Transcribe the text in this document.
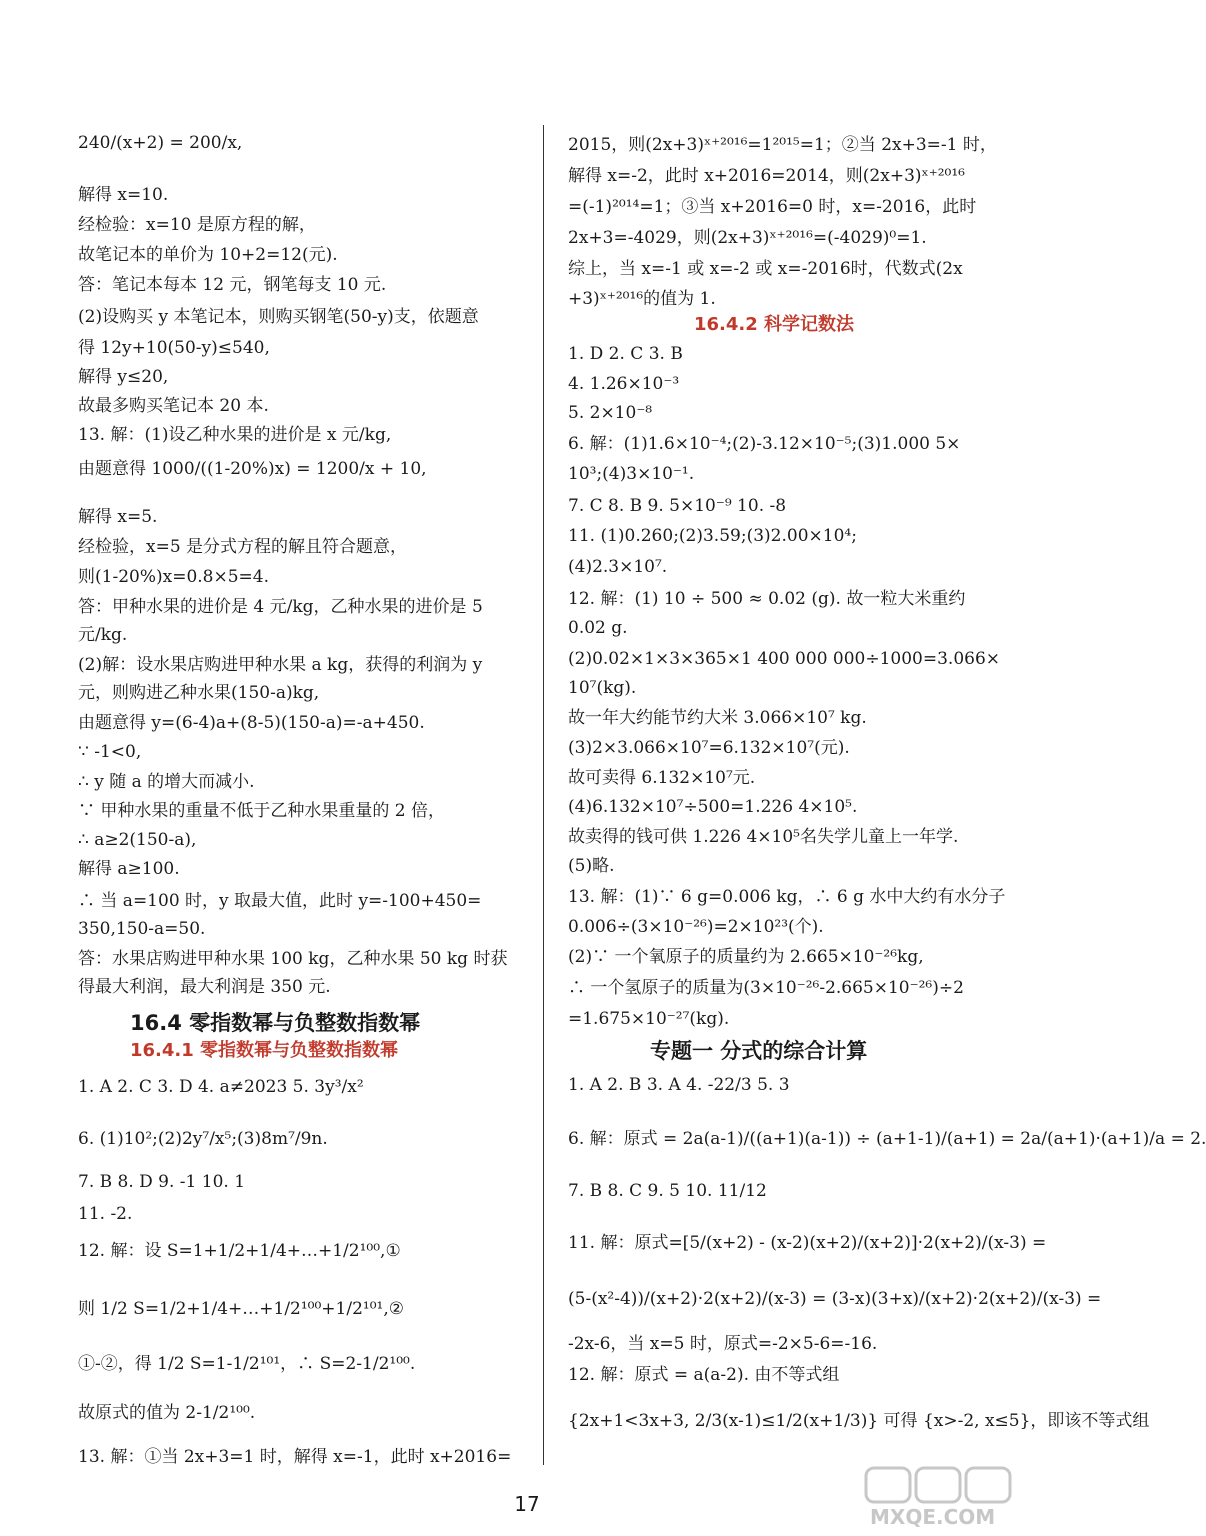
240/(x+2) = 200/x,
解得 x=10.
经检验：x=10 是原方程的解，
故笔记本的单价为 10+2=12(元).
答：笔记本每本 12 元，钢笔每支 10 元.
(2)设购买 y 本笔记本，则购买钢笔(50-y)支，依题意
得 12y+10(50-y)≤540,
解得 y≤20,
故最多购买笔记本 20 本.
13. 解：(1)设乙种水果的进价是 x 元/kg,
由题意得 1000/((1-20%)x) = 1200/x + 10,
解得 x=5.
经检验，x=5 是分式方程的解且符合题意，
则(1-20%)x=0.8×5=4.
答：甲种水果的进价是 4 元/kg，乙种水果的进价是 5
元/kg.
(2)解：设水果店购进甲种水果 a kg，获得的利润为 y
元，则购进乙种水果(150-a)kg,
由题意得 y=(6-4)a+(8-5)(150-a)=-a+450.
∵ -1<0,
∴ y 随 a 的增大而减小.
∵ 甲种水果的重量不低于乙种水果重量的 2 倍，
∴ a≥2(150-a),
解得 a≥100.
∴ 当 a=100 时，y 取最大值，此时 y=-100+450=
350,150-a=50.
答：水果店购进甲种水果 100 kg，乙种水果 50 kg 时获
得最大利润，最大利润是 350 元.
1. A 2. C 3. D 4. a≠2023 5. 3y³/x²
6. (1)10²;(2)2y⁷/x⁵;(3)8m⁷/9n.
7. B 8. D 9. -1 10. 1
11. -2.
12. 解：设 S=1+1/2+1/4+…+1/2¹⁰⁰,①
则 1/2 S=1/2+1/4+…+1/2¹⁰⁰+1/2¹⁰¹,②
①-②，得 1/2 S=1-1/2¹⁰¹，∴ S=2-1/2¹⁰⁰.
故原式的值为 2-1/2¹⁰⁰.
13. 解：①当 2x+3=1 时，解得 x=-1，此时 x+2016=
16.4 零指数幂与负整数指数幂
16.4.1 零指数幂与负整数指数幂
2015，则(2x+3)ˣ⁺²⁰¹⁶=1²⁰¹⁵=1；②当 2x+3=-1 时，
解得 x=-2，此时 x+2016=2014，则(2x+3)ˣ⁺²⁰¹⁶
=(-1)²⁰¹⁴=1；③当 x+2016=0 时，x=-2016，此时
2x+3=-4029，则(2x+3)ˣ⁺²⁰¹⁶=(-4029)⁰=1.
综上，当 x=-1 或 x=-2 或 x=-2016时，代数式(2x
+3)ˣ⁺²⁰¹⁶的值为 1.
1. D 2. C 3. B
4. 1.26×10⁻³
5. 2×10⁻⁸
6. 解：(1)1.6×10⁻⁴;(2)-3.12×10⁻⁵;(3)1.000 5×
10³;(4)3×10⁻¹.
7. C 8. B 9. 5×10⁻⁹ 10. -8
11. (1)0.260;(2)3.59;(3)2.00×10⁴;
(4)2.3×10⁷.
12. 解：(1) 10 ÷ 500 ≈ 0.02 (g). 故一粒大米重约
0.02 g.
(2)0.02×1×3×365×1 400 000 000÷1000=3.066×
10⁷(kg).
故一年大约能节约大米 3.066×10⁷ kg.
(3)2×3.066×10⁷=6.132×10⁷(元).
故可卖得 6.132×10⁷元.
(4)6.132×10⁷÷500=1.226 4×10⁵.
故卖得的钱可供 1.226 4×10⁵名失学儿童上一年学.
(5)略.
13. 解：(1)∵ 6 g=0.006 kg，∴ 6 g 水中大约有水分子
0.006÷(3×10⁻²⁶)=2×10²³(个).
(2)∵ 一个氧原子的质量约为 2.665×10⁻²⁶kg,
∴ 一个氢原子的质量为(3×10⁻²⁶-2.665×10⁻²⁶)÷2
=1.675×10⁻²⁷(kg).
1. A 2. B 3. A 4. -22/3 5. 3
6. 解：原式 = 2a(a-1)/((a+1)(a-1)) ÷ (a+1-1)/(a+1) = 2a/(a+1)·(a+1)/a = 2.
7. B 8. C 9. 5 10. 11/12
11. 解：原式=[5/(x+2) - (x-2)(x+2)/(x+2)]·2(x+2)/(x-3) =
(5-(x²-4))/(x+2)·2(x+2)/(x-3) = (3-x)(3+x)/(x+2)·2(x+2)/(x-3) =
-2x-6，当 x=5 时，原式=-2×5-6=-16.
12. 解：原式 = a(a-2). 由不等式组
{2x+1<3x+3, 2/3(x-1)≤1/2(x+1/3)} 可得 {x>-2, x≤5}，即该不等式组
16.4.2 科学记数法
专题一 分式的综合计算
17
MXQE.COM
